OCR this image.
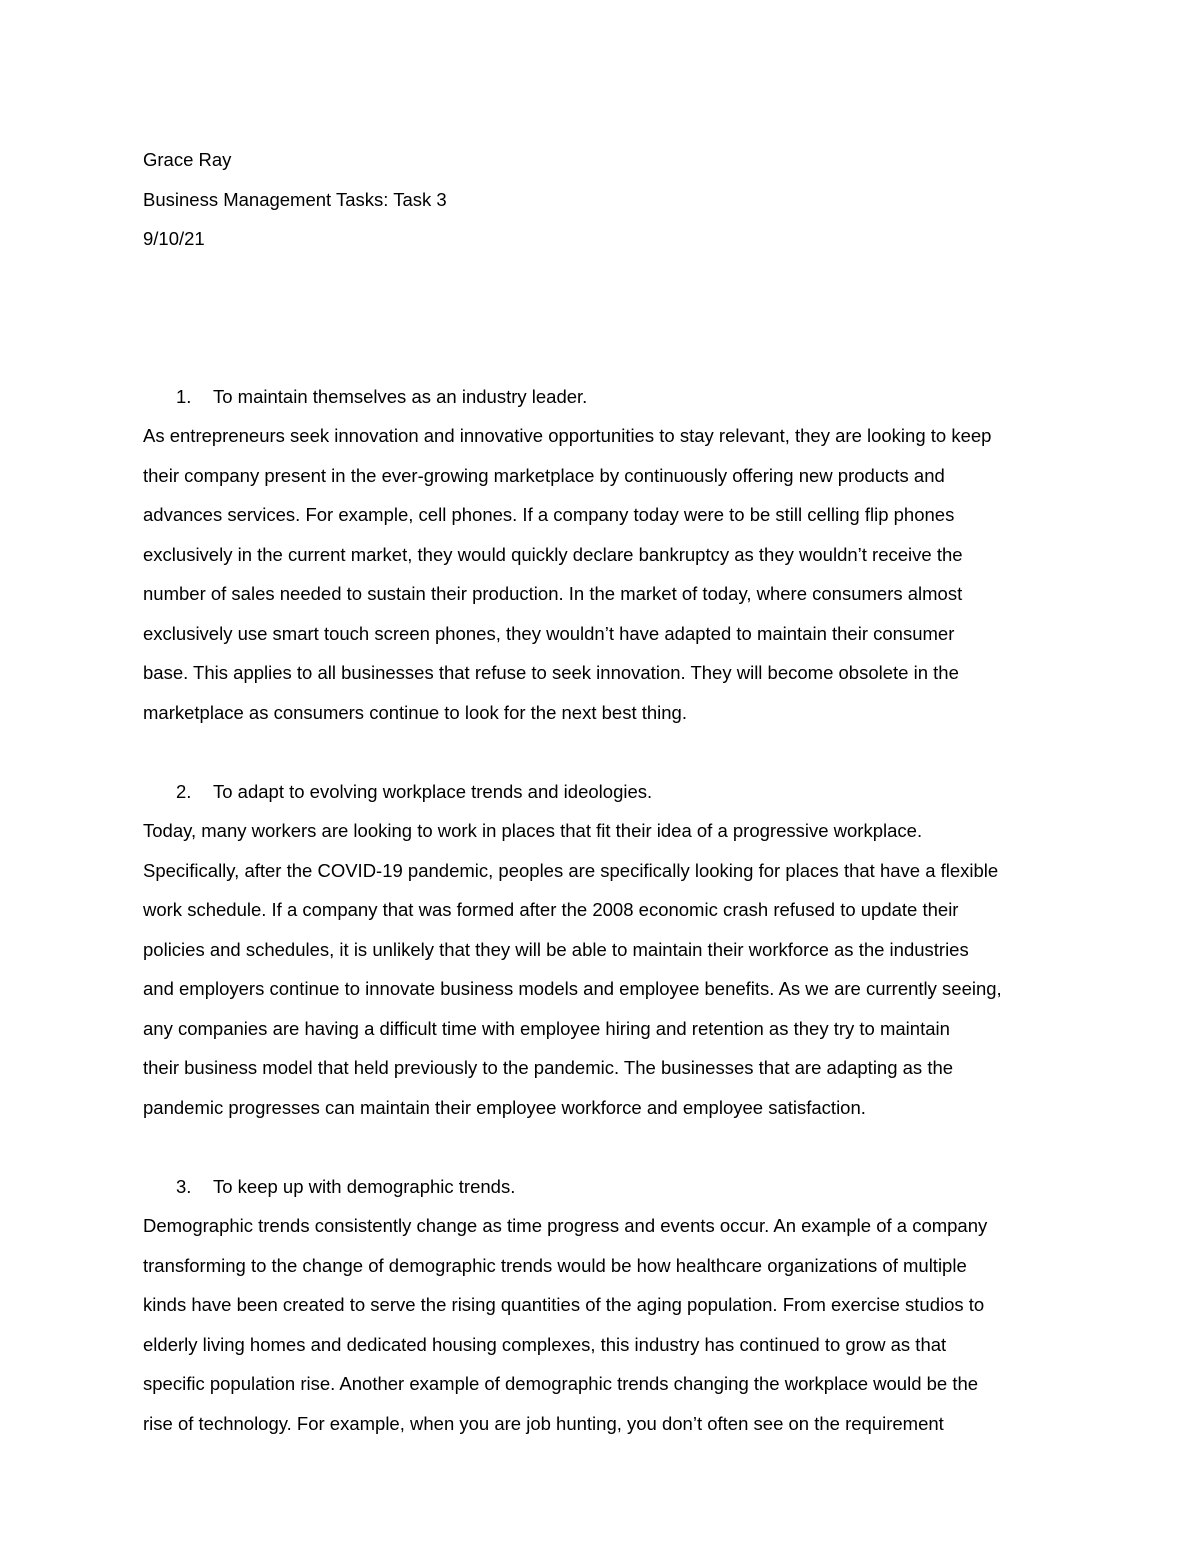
Grace Ray
Business Management Tasks: Task 3
9/10/21
1. To maintain themselves as an industry leader.
As entrepreneurs seek innovation and innovative opportunities to stay relevant, they are looking to keep
their company present in the ever-growing marketplace by continuously offering new products and
advances services. For example, cell phones. If a company today were to be still celling flip phones
exclusively in the current market, they would quickly declare bankruptcy as they wouldn’t receive the
number of sales needed to sustain their production. In the market of today, where consumers almost
exclusively use smart touch screen phones, they wouldn’t have adapted to maintain their consumer
base. This applies to all businesses that refuse to seek innovation. They will become obsolete in the
marketplace as consumers continue to look for the next best thing.
2. To adapt to evolving workplace trends and ideologies.
Today, many workers are looking to work in places that fit their idea of a progressive workplace.
Specifically, after the COVID-19 pandemic, peoples are specifically looking for places that have a flexible
work schedule. If a company that was formed after the 2008 economic crash refused to update their
policies and schedules, it is unlikely that they will be able to maintain their workforce as the industries
and employers continue to innovate business models and employee benefits. As we are currently seeing,
any companies are having a difficult time with employee hiring and retention as they try to maintain
their business model that held previously to the pandemic. The businesses that are adapting as the
pandemic progresses can maintain their employee workforce and employee satisfaction.
3. To keep up with demographic trends.
Demographic trends consistently change as time progress and events occur. An example of a company
transforming to the change of demographic trends would be how healthcare organizations of multiple
kinds have been created to serve the rising quantities of the aging population. From exercise studios to
elderly living homes and dedicated housing complexes, this industry has continued to grow as that
specific population rise. Another example of demographic trends changing the workplace would be the
rise of technology. For example, when you are job hunting, you don’t often see on the requirement
